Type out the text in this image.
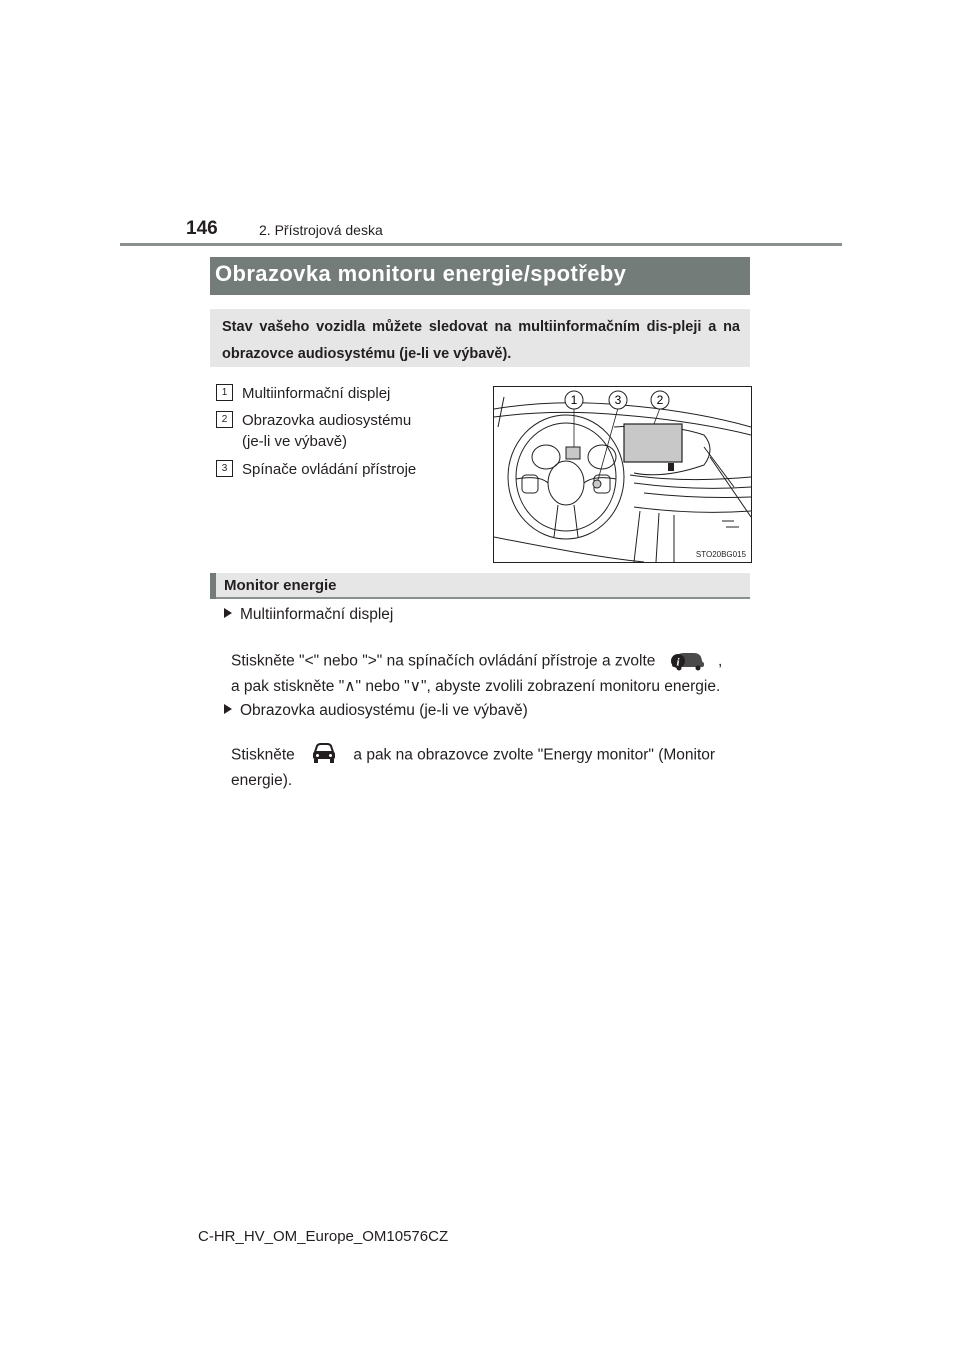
146	2. Přístrojová deska
Obrazovka monitoru energie/spotřeby
Stav vašeho vozidla můžete sledovat na multiinformačním dis-pleji a na obrazovce audiosystému (je-li ve výbavě).
1 Multiinformační displej
2 Obrazovka audiosystému
(je-li ve výbavě)
3 Spínače ovládání přístroje
1	3	2
STO20BG015
Monitor energie
Multiinformační displej
Stiskněte "<" nebo ">" na spínačích ovládání přístroje a zvolte i	,
a pak stiskněte "∧" nebo "∨", abyste zvolili zobrazení monitoru energie.
Obrazovka audiosystému (je-li ve výbavě)
Stiskněte	a pak na obrazovce zvolte "Energy monitor" (Monitor
energie).
C-HR_HV_OM_Europe_OM10576CZ
